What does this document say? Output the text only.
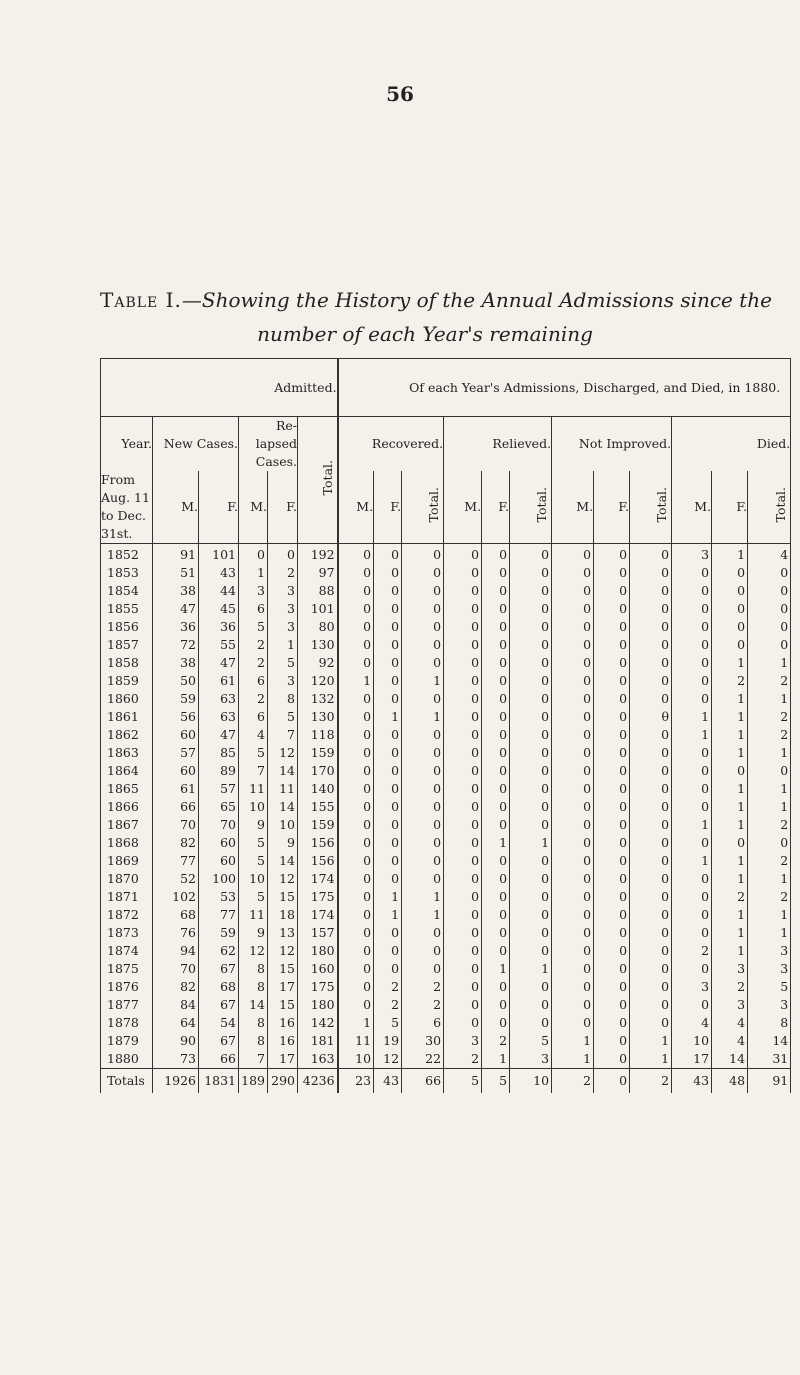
56
Table I.—Showing the History of the Annual Admissions since the
number of each Year's remaining
Admitted.						Of each Year's Admissions, Discharged, and Died, in 1880.											
Year.	New Cases.		Re-lapsed Cases.		Total.	Recovered.			Relieved.			Not Improved.			Died.		
From Aug. 11 to Dec. 31st.	M.	F.	M.	F.		M.	F.	Total.	M.	F.	Total.	M.	F.	Total.	M.	F.	Total.
1852	91	101	0	0	192	0	0	0	0	0	0	0	0	0	3	1	4
1853	51	43	1	2	97	0	0	0	0	0	0	0	0	0	0	0	0
1854	38	44	3	3	88	0	0	0	0	0	0	0	0	0	0	0	0
1855	47	45	6	3	101	0	0	0	0	0	0	0	0	0	0	0	0
1856	36	36	5	3	80	0	0	0	0	0	0	0	0	0	0	0	0
1857	72	55	2	1	130	0	0	0	0	0	0	0	0	0	0	0	0
1858	38	47	2	5	92	0	0	0	0	0	0	0	0	0	0	1	1
1859	50	61	6	3	120	1	0	1	0	0	0	0	0	0	0	2	2
1860	59	63	2	8	132	0	0	0	0	0	0	0	0	0	0	1	1
1861	56	63	6	5	130	0	1	1	0	0	0	0	0	θ	1	1	2
1862	60	47	4	7	118	0	0	0	0	0	0	0	0	0	1	1	2
1863	57	85	5	12	159	0	0	0	0	0	0	0	0	0	0	1	1
1864	60	89	7	14	170	0	0	0	0	0	0	0	0	0	0	0	0
1865	61	57	11	11	140	0	0	0	0	0	0	0	0	0	0	1	1
1866	66	65	10	14	155	0	0	0	0	0	0	0	0	0	0	1	1
1867	70	70	9	10	159	0	0	0	0	0	0	0	0	0	1	1	2
1868	82	60	5	9	156	0	0	0	0	1	1	0	0	0	0	0	0
1869	77	60	5	14	156	0	0	0	0	0	0	0	0	0	1	1	2
1870	52	100	10	12	174	0	0	0	0	0	0	0	0	0	0	1	1
1871	102	53	5	15	175	0	1	1	0	0	0	0	0	0	0	2	2
1872	68	77	11	18	174	0	1	1	0	0	0	0	0	0	0	1	1
1873	76	59	9	13	157	0	0	0	0	0	0	0	0	0	0	1	1
1874	94	62	12	12	180	0	0	0	0	0	0	0	0	0	2	1	3
1875	70	67	8	15	160	0	0	0	0	1	1	0	0	0	0	3	3
1876	82	68	8	17	175	0	2	2	0	0	0	0	0	0	3	2	5
1877	84	67	14	15	180	0	2	2	0	0	0	0	0	0	0	3	3
1878	64	54	8	16	142	1	5	6	0	0	0	0	0	0	4	4	8
1879	90	67	8	16	181	11	19	30	3	2	5	1	0	1	10	4	14
1880	73	66	7	17	163	10	12	22	2	1	3	1	0	1	17	14	31
Totals	1926	1831	189	290	4236	23	43	66	5	5	10	2	0	2	43	48	91
